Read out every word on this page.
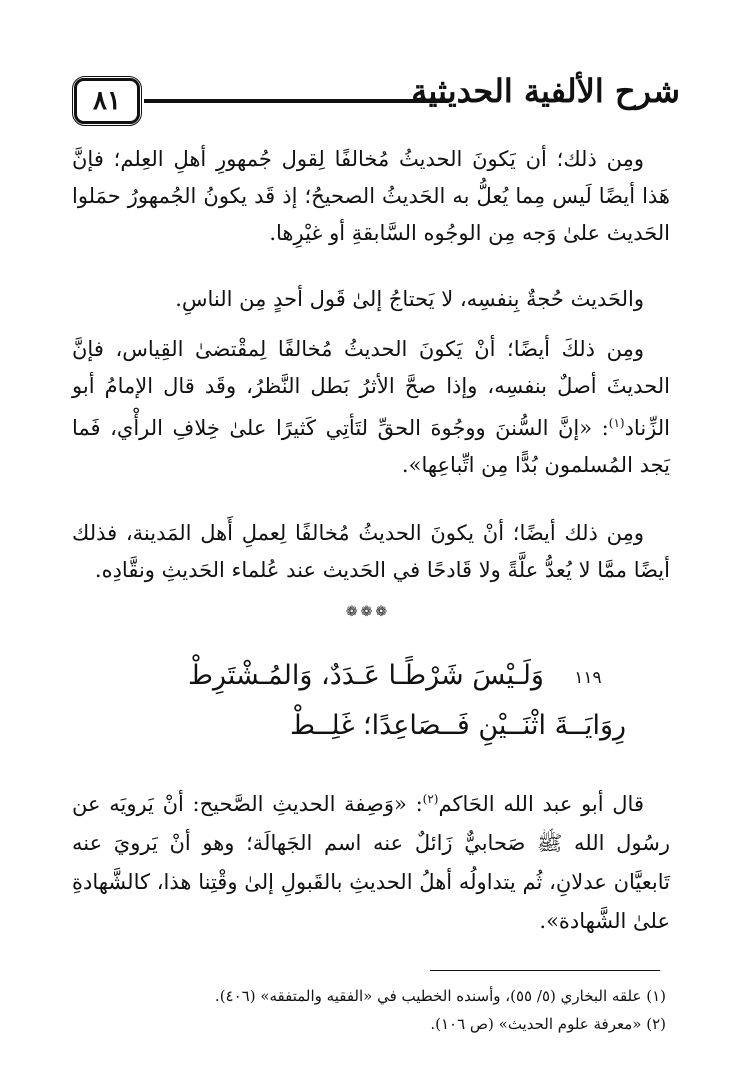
٨١	شرح الألفية الحديثية
ومِن ذلك؛ أن يَكونَ الحديثُ مُخالفًا لِقول جُمهورِ أهلِ العِلم؛ فإنَّ هَذا أيضًا لَيس مِما يُعلُّ به الحَديثُ الصحيحُ؛ إذ قَد يكونُ الجُمهورُ حمَلوا الحَديث علىٰ وَجه مِن الوجُوه السَّابقةِ أو غيْرِها.
والحَديث حُجةٌ بِنفسِه، لا يَحتاجُ إلىٰ قَول أحدٍ مِن الناسِ.
ومِن ذلكَ أيضًا؛ أنْ يَكونَ الحديثُ مُخالفًا لِمقْتضىٰ القِياس، فإنَّ الحديثَ أصلٌ بنفسِه، وإذا صحَّ الأثرُ بَطل النَّظرُ، وقَد قال الإمامُ أبو الزِّناد$^{(١)}$: «إنَّ السُّننَ ووجُوهَ الحقِّ لتَأتِي كَثيرًا علىٰ خِلافِ الرأْي، فَما يَجد المُسلمون بُدًّا مِن اتِّباعِها».
ومِن ذلك أيضًا؛ أنْ يكونَ الحديثُ مُخالفًا لِعملِ أَهل المَدينة، فذلك أيضًا ممَّا لا يُعدُّ علَّةً ولا قَادحًا في الحَديث عند عُلماء الحَديثِ ونقَّادِه.
❁❁❁
١١٩
وَلَـيْسَ شَرْطًـا عَـدَدٌ، وَالمُـشْتَرِطْ
رِوَايَــةَ اثْنَــيْنِ فَــصَاعِدًا؛ غَلِــطْ
قال أبو عبد الله الحَاكم$^{(٢)}$: «وَصِفة الحديثِ الصَّحيح: أنْ يَرويَه عن رسُول الله ﷺ صَحابيٌّ زَائلٌ عنه اسم الجَهالَة؛ وهو أنْ يَرويَ عنه تَابعيَّان عدلانِ، ثُم يتداولُه أهلُ الحديثِ بالقَبولِ إلىٰ وقْتِنا هذا، كالشَّهادةِ علىٰ الشَّهادة».
(١) علقه البخاري (٥/ ٥٥)، وأسنده الخطيب في «الفقيه والمتفقه» (٤٠٦).
(٢) «معرفة علوم الحديث» (ص ١٠٦).
